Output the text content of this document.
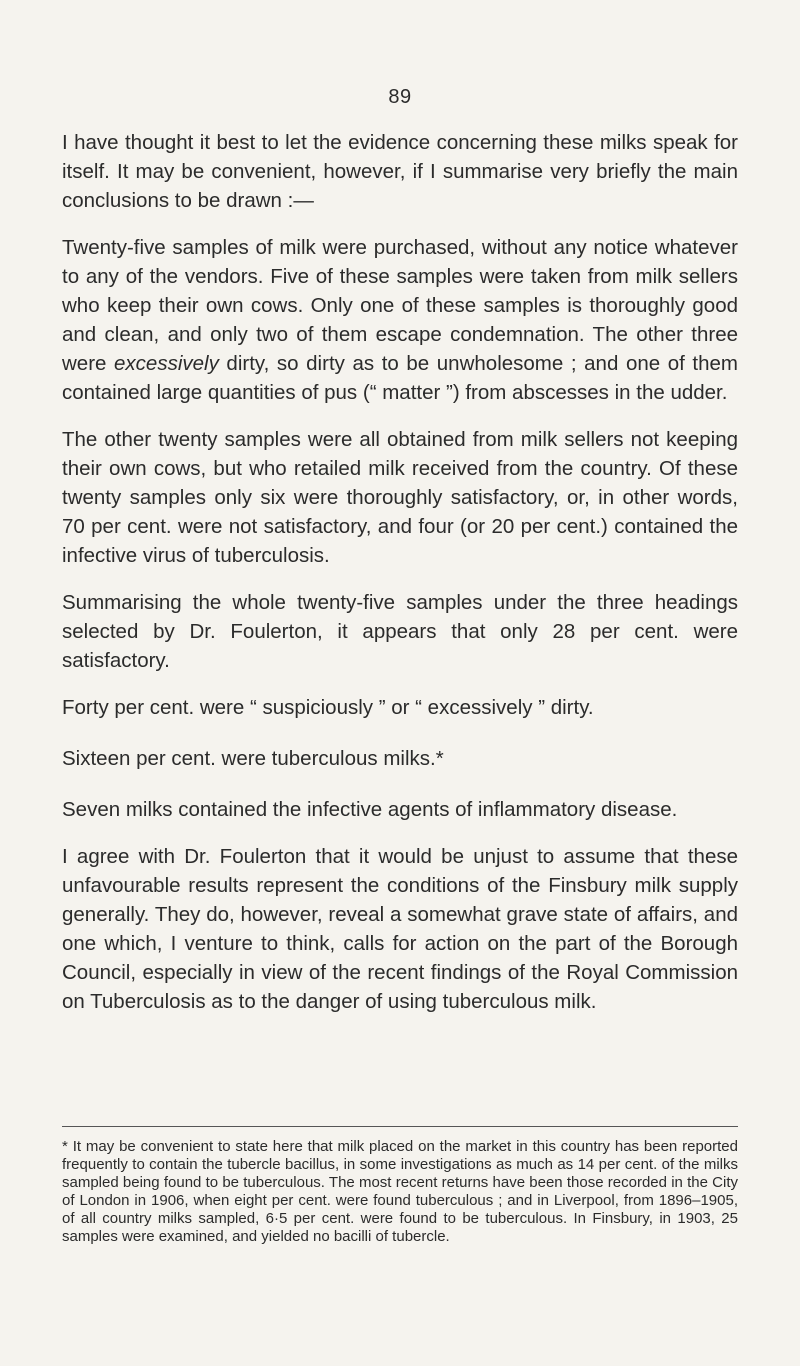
89

I have thought it best to let the evidence concerning these milks speak for itself. It may be convenient, however, if I summarise very briefly the main conclusions to be drawn :—

Twenty-five samples of milk were purchased, without any notice whatever to any of the vendors. Five of these samples were taken from milk sellers who keep their own cows. Only one of these samples is thoroughly good and clean, and only two of them escape condemnation. The other three were excessively dirty, so dirty as to be unwholesome ; and one of them contained large quantities of pus (“ matter ”) from abscesses in the udder.

The other twenty samples were all obtained from milk sellers not keeping their own cows, but who retailed milk received from the country. Of these twenty samples only six were thoroughly satisfactory, or, in other words, 70 per cent. were not satisfactory, and four (or 20 per cent.) contained the infective virus of tuberculosis.

Summarising the whole twenty-five samples under the three headings selected by Dr. Foulerton, it appears that only 28 per cent. were satisfactory.

Forty per cent. were “ suspiciously ” or “ excessively ” dirty.

Sixteen per cent. were tuberculous milks.*

Seven milks contained the infective agents of inflammatory disease.

I agree with Dr. Foulerton that it would be unjust to assume that these unfavourable results represent the conditions of the Finsbury milk supply generally. They do, however, reveal a somewhat grave state of affairs, and one which, I venture to think, calls for action on the part of the Borough Council, especially in view of the recent findings of the Royal Commission on Tuberculosis as to the danger of using tuberculous milk.

* It may be convenient to state here that milk placed on the market in this country has been reported frequently to contain the tubercle bacillus, in some investigations as much as 14 per cent. of the milks sampled being found to be tuberculous. The most recent returns have been those recorded in the City of London in 1906, when eight per cent. were found tuberculous ; and in Liverpool, from 1896–1905, of all country milks sampled, 6·5 per cent. were found to be tuberculous. In Finsbury, in 1903, 25 samples were examined, and yielded no bacilli of tubercle.
